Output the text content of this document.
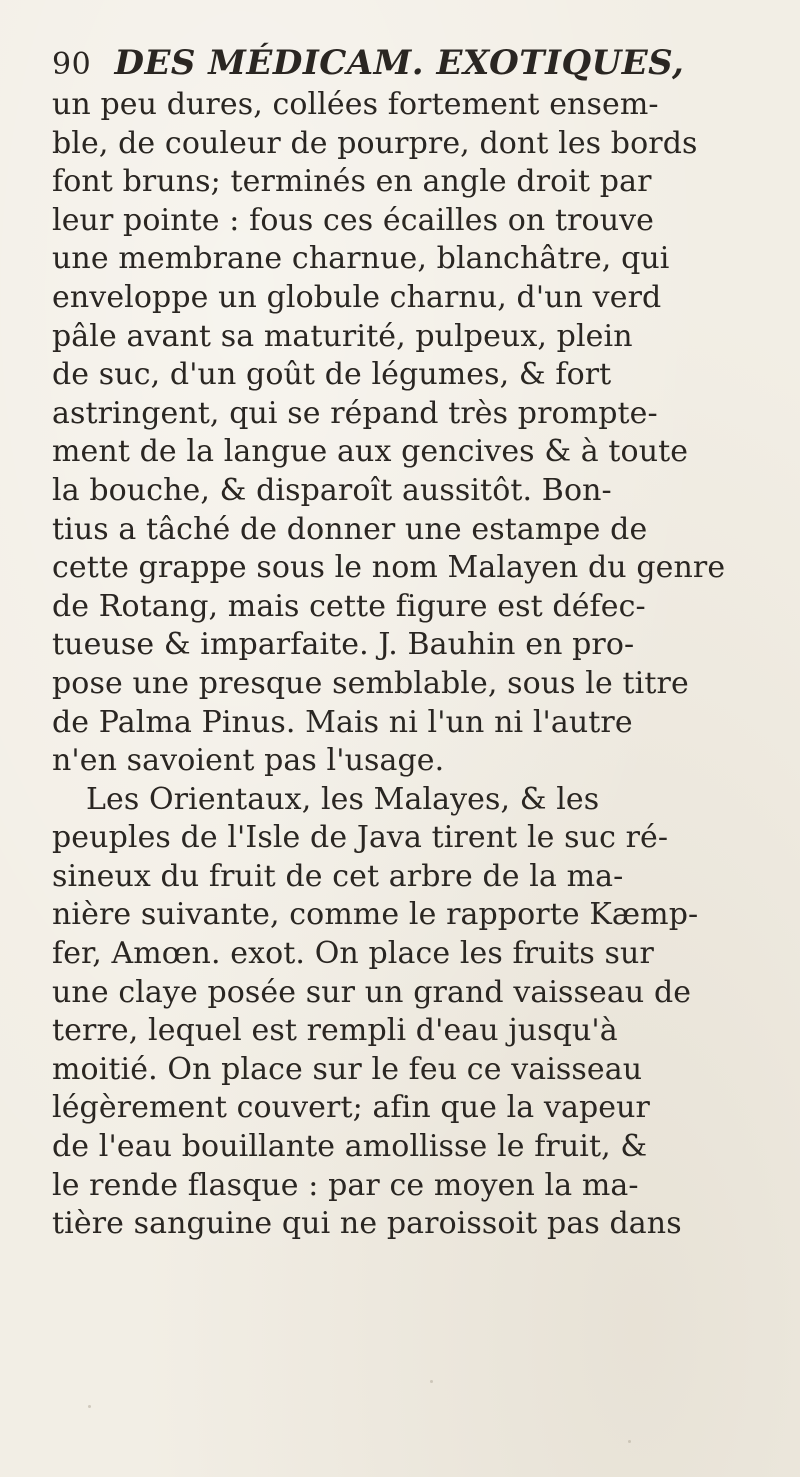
90 DES MÉDICAM. EXOTIQUES,
un peu dures, collées fortement ensem-
ble, de couleur de pourpre, dont les bords
font bruns; terminés en angle droit par
leur pointe : fous ces écailles on trouve
une membrane charnue, blanchâtre, qui
enveloppe un globule charnu, d'un verd
pâle avant sa maturité, pulpeux, plein
de suc, d'un goût de légumes, & fort
astringent, qui se répand très prompte-
ment de la langue aux gencives & à toute
la bouche, & disparoît aussitôt. Bon-
tius a tâché de donner une estampe de
cette grappe sous le nom Malayen du genre
de Rotang, mais cette figure est défec-
tueuse & imparfaite. J. Bauhin en pro-
pose une presque semblable, sous le titre
de Palma Pinus. Mais ni l'un ni l'autre
n'en savoient pas l'usage.
Les Orientaux, les Malayes, & les
peuples de l'Isle de Java tirent le suc ré-
sineux du fruit de cet arbre de la ma-
nière suivante, comme le rapporte Kæmp-
fer, Amœn. exot. On place les fruits sur
une claye posée sur un grand vaisseau de
terre, lequel est rempli d'eau jusqu'à
moitié. On place sur le feu ce vaisseau
légèrement couvert; afin que la vapeur
de l'eau bouillante amollisse le fruit, &
le rende flasque : par ce moyen la ma-
tière sanguine qui ne paroissoit pas dans
